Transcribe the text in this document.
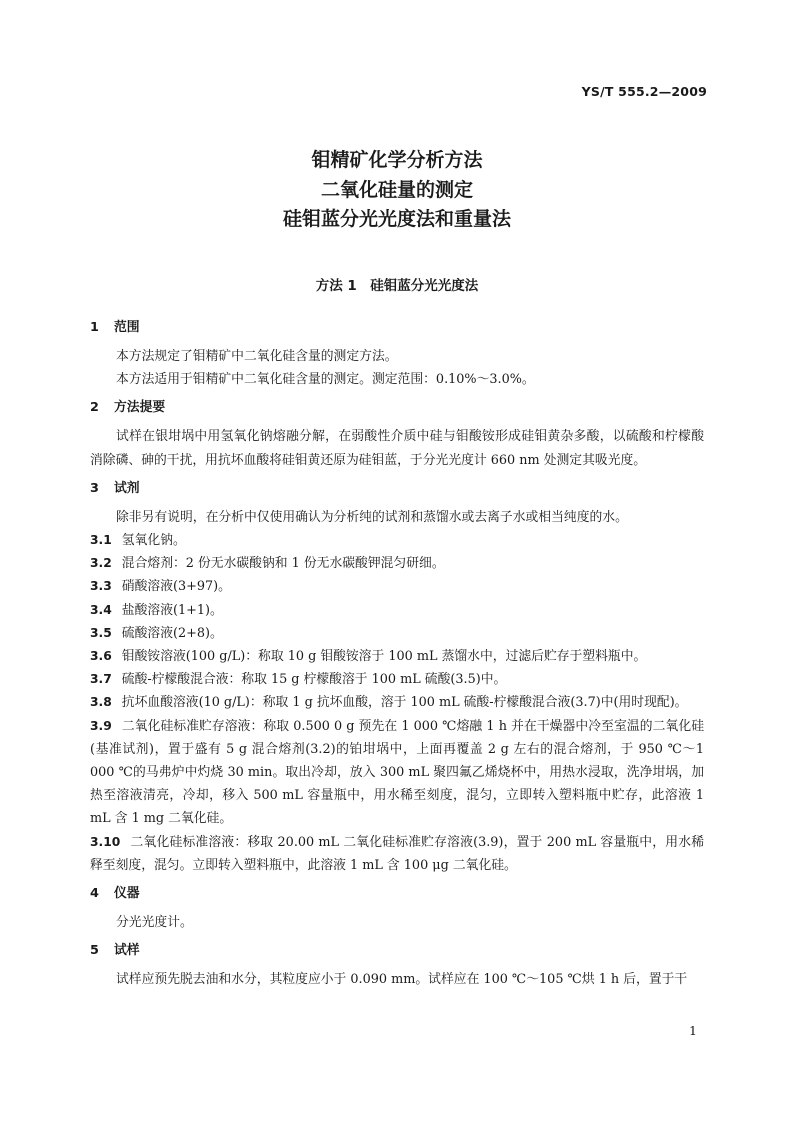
YS/T 555.2—2009
钼精矿化学分析方法
二氧化硅量的测定
硅钼蓝分光光度法和重量法
方法 1　硅钼蓝分光光度法
1 范围

本方法规定了钼精矿中二氧化硅含量的测定方法。

本方法适用于钼精矿中二氧化硅含量的测定。测定范围：0.10%～3.0%。

2 方法提要

试样在银坩埚中用氢氧化钠熔融分解，在弱酸性介质中硅与钼酸铵形成硅钼黄杂多酸，以硫酸和柠檬酸消除磷、砷的干扰，用抗坏血酸将硅钼黄还原为硅钼蓝，于分光光度计 660 nm 处测定其吸光度。

3 试剂

除非另有说明，在分析中仅使用确认为分析纯的试剂和蒸馏水或去离子水或相当纯度的水。

3.1 氢氧化钠。

3.2 混合熔剂：2 份无水碳酸钠和 1 份无水碳酸钾混匀研细。

3.3 硝酸溶液(3+97)。

3.4 盐酸溶液(1+1)。

3.5 硫酸溶液(2+8)。

3.6 钼酸铵溶液(100 g/L)：称取 10 g 钼酸铵溶于 100 mL 蒸馏水中，过滤后贮存于塑料瓶中。

3.7 硫酸-柠檬酸混合液：称取 15 g 柠檬酸溶于 100 mL 硫酸(3.5)中。

3.8 抗坏血酸溶液(10 g/L)：称取 1 g 抗坏血酸，溶于 100 mL 硫酸-柠檬酸混合液(3.7)中(用时现配)。

3.9 二氧化硅标准贮存溶液：称取 0.500 0 g 预先在 1 000 ℃熔融 1 h 并在干燥器中冷至室温的二氧化硅(基准试剂)，置于盛有 5 g 混合熔剂(3.2)的铂坩埚中，上面再覆盖 2 g 左右的混合熔剂，于 950 ℃～1 000 ℃的马弗炉中灼烧 30 min。取出冷却，放入 300 mL 聚四氟乙烯烧杯中，用热水浸取，洗净坩埚，加热至溶液清亮，冷却，移入 500 mL 容量瓶中，用水稀至刻度，混匀，立即转入塑料瓶中贮存，此溶液 1 mL 含 1 mg 二氧化硅。

3.10 二氧化硅标准溶液：移取 20.00 mL 二氧化硅标准贮存溶液(3.9)，置于 200 mL 容量瓶中，用水稀释至刻度，混匀。立即转入塑料瓶中，此溶液 1 mL 含 100 μg 二氧化硅。

4 仪器

分光光度计。

5 试样

试样应预先脱去油和水分，其粒度应小于 0.090 mm。试样应在 100 ℃～105 ℃烘 1 h 后，置于干

1
